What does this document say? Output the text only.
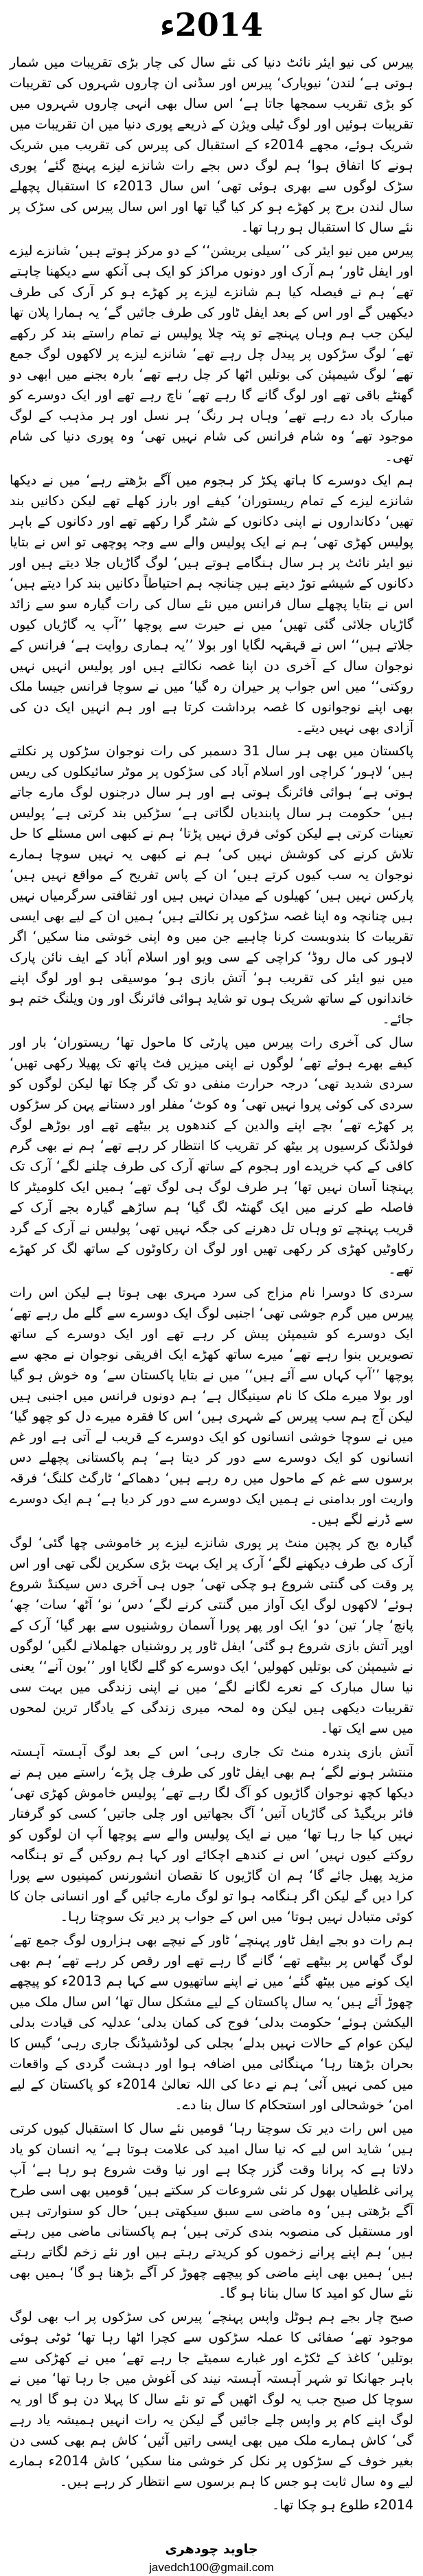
2014ء

پیرس کی نیو ایئر نائٹ دنیا کی نئے سال کی چار بڑی تقریبات میں شمار ہوتی ہے‘ لندن‘ نیویارک‘ پیرس اور سڈنی ان چاروں شہروں کی تقریبات کو بڑی تقریب سمجھا جاتا ہے‘ اس سال بھی انہی چاروں شہروں میں تقریبات ہوئیں اور لوگ ٹیلی ویژن کے ذریعے پوری دنیا میں ان تقریبات میں شریک ہوئے، مجھے 2014ء کے استقبال کی پیرس کی تقریب میں شریک ہونے کا اتفاق ہوا‘ ہم لوگ دس بجے رات شانزے لیزے پہنچ گئے‘ پوری سڑک لوگوں سے بھری ہوئی تھی‘ اس سال 2013ء کا استقبال پچھلے سال لندن برج پر کھڑے ہو کر کیا گیا تھا اور اس سال پیرس کی سڑک پر نئے سال کا استقبال ہو رہا تھا۔

پیرس میں نیو ایئر کی ’’سیلی بریشن‘‘ کے دو مرکز ہوتے ہیں‘ شانزے لیزے اور ایفل ٹاور‘ ہم آرک اور دونوں مراکز کو ایک ہی آنکھ سے دیکھنا چاہتے تھے‘ ہم نے فیصلہ کیا ہم شانزے لیزے پر کھڑے ہو کر آرک کی طرف دیکھیں گے اور اس کے بعد ایفل ٹاور کی طرف جائیں گے‘ یہ ہمارا پلان تھا لیکن جب ہم وہاں پہنچے تو پتہ چلا پولیس نے تمام راستے بند کر رکھے تھے‘ لوگ سڑکوں پر پیدل چل رہے تھے‘ شانزے لیزے پر لاکھوں لوگ جمع تھے‘ لوگ شیمپئن کی بوتلیں اٹھا کر چل رہے تھے‘ بارہ بجنے میں ابھی دو گھنٹے باقی تھے اور لوگ گانے گا رہے تھے‘ ناچ رہے تھے اور ایک دوسرے کو مبارک باد دے رہے تھے‘ وہاں ہر رنگ‘ ہر نسل اور ہر مذہب کے لوگ موجود تھے‘ وہ شام فرانس کی شام نہیں تھی‘ وہ پوری دنیا کی شام تھی۔

ہم ایک دوسرے کا ہاتھ پکڑ کر ہجوم میں آگے بڑھتے رہے‘ میں نے دیکھا شانزے لیزے کے تمام ریستوران‘ کیفے اور بارز کھلے تھے لیکن دکانیں بند تھیں‘ دکانداروں نے اپنی دکانوں کے شٹر گرا رکھے تھے اور دکانوں کے باہر پولیس کھڑی تھی‘ ہم نے ایک پولیس والے سے وجہ پوچھی تو اس نے بتایا نیو ایئر نائٹ پر ہر سال ہنگامے ہوتے ہیں‘ لوگ گاڑیاں جلا دیتے ہیں اور دکانوں کے شیشے توڑ دیتے ہیں چنانچہ ہم احتیاطاً دکانیں بند کرا دیتے ہیں‘ اس نے بتایا پچھلے سال فرانس میں نئے سال کی رات گیارہ سو سے زائد گاڑیاں جلائی گئی تھیں‘ میں نے حیرت سے پوچھا ’’آپ یہ گاڑیاں کیوں جلاتے ہیں‘‘ اس نے قہقہہ لگایا اور بولا ’’یہ ہماری روایت ہے‘ فرانس کے نوجوان سال کے آخری دن اپنا غصہ نکالتے ہیں اور پولیس انہیں نہیں روکتی‘‘ میں اس جواب پر حیران رہ گیا‘ میں نے سوچا فرانس جیسا ملک بھی اپنے نوجوانوں کا غصہ برداشت کرتا ہے اور ہم انہیں ایک دن کی آزادی بھی نہیں دیتے۔

پاکستان میں بھی ہر سال 31 دسمبر کی رات نوجوان سڑکوں پر نکلتے ہیں‘ لاہور‘ کراچی اور اسلام آباد کی سڑکوں پر موٹر سائیکلوں کی ریس ہوتی ہے‘ ہوائی فائرنگ ہوتی ہے اور ہر سال درجنوں لوگ مارے جاتے ہیں‘ حکومت ہر سال پابندیاں لگاتی ہے‘ سڑکیں بند کرتی ہے‘ پولیس تعینات کرتی ہے لیکن کوئی فرق نہیں پڑتا‘ ہم نے کبھی اس مسئلے کا حل تلاش کرنے کی کوشش نہیں کی‘ ہم نے کبھی یہ نہیں سوچا ہمارے نوجوان یہ سب کیوں کرتے ہیں‘ ان کے پاس تفریح کے مواقع نہیں ہیں‘ پارکس نہیں ہیں‘ کھیلوں کے میدان نہیں ہیں اور ثقافتی سرگرمیاں نہیں ہیں چنانچہ وہ اپنا غصہ سڑکوں پر نکالتے ہیں‘ ہمیں ان کے لیے بھی ایسی تقریبات کا بندوبست کرنا چاہیے جن میں وہ اپنی خوشی منا سکیں‘ اگر لاہور کی مال روڈ‘ کراچی کے سی ویو اور اسلام آباد کے ایف نائن پارک میں نیو ایئر کی تقریب ہو‘ آتش بازی ہو‘ موسیقی ہو اور لوگ اپنے خاندانوں کے ساتھ شریک ہوں تو شاید ہوائی فائرنگ اور ون ویلنگ ختم ہو جائے۔

سال کی آخری رات پیرس میں پارٹی کا ماحول تھا‘ ریستوران‘ بار اور کیفے بھرے ہوئے تھے‘ لوگوں نے اپنی میزیں فٹ پاتھ تک پھیلا رکھی تھیں‘ سردی شدید تھی‘ درجہ حرارت منفی دو تک گر چکا تھا لیکن لوگوں کو سردی کی کوئی پروا نہیں تھی‘ وہ کوٹ‘ مفلر اور دستانے پہن کر سڑکوں پر کھڑے تھے‘ بچے اپنے والدین کے کندھوں پر بیٹھے تھے اور بوڑھے لوگ فولڈنگ کرسیوں پر بیٹھ کر تقریب کا انتظار کر رہے تھے‘ ہم نے بھی گرم کافی کے کپ خریدے اور ہجوم کے ساتھ آرک کی طرف چلنے لگے‘ آرک تک پہنچنا آسان نہیں تھا‘ ہر طرف لوگ ہی لوگ تھے‘ ہمیں ایک کلومیٹر کا فاصلہ طے کرنے میں ایک گھنٹہ لگ گیا‘ ہم ساڑھے گیارہ بجے آرک کے قریب پہنچے تو وہاں تل دھرنے کی جگہ نہیں تھی‘ پولیس نے آرک کے گرد رکاوٹیں کھڑی کر رکھی تھیں اور لوگ ان رکاوٹوں کے ساتھ لگ کر کھڑے تھے۔

سردی کا دوسرا نام مزاج کی سرد مہری بھی ہوتا ہے لیکن اس رات پیرس میں گرم جوشی تھی‘ اجنبی لوگ ایک دوسرے سے گلے مل رہے تھے‘ ایک دوسرے کو شیمپئن پیش کر رہے تھے اور ایک دوسرے کے ساتھ تصویریں بنوا رہے تھے‘ میرے ساتھ کھڑے ایک افریقی نوجوان نے مجھ سے پوچھا ’’آپ کہاں سے آئے ہیں‘‘ میں نے بتایا پاکستان سے‘ وہ خوش ہو گیا اور بولا میرے ملک کا نام سینیگال ہے‘ ہم دونوں فرانس میں اجنبی ہیں لیکن آج ہم سب پیرس کے شہری ہیں‘ اس کا فقرہ میرے دل کو چھو گیا‘ میں نے سوچا خوشی انسانوں کو ایک دوسرے کے قریب لے آتی ہے اور غم انسانوں کو ایک دوسرے سے دور کر دیتا ہے‘ ہم پاکستانی پچھلے دس برسوں سے غم کے ماحول میں رہ رہے ہیں‘ دھماکے‘ ٹارگٹ کلنگ‘ فرقہ واریت اور بدامنی نے ہمیں ایک دوسرے سے دور کر دیا ہے‘ ہم ایک دوسرے سے ڈرنے لگے ہیں۔

گیارہ بج کر پچپن منٹ پر پوری شانزے لیزے پر خاموشی چھا گئی‘ لوگ آرک کی طرف دیکھنے لگے‘ آرک پر ایک بہت بڑی سکرین لگی تھی اور اس پر وقت کی گنتی شروع ہو چکی تھی‘ جوں ہی آخری دس سیکنڈ شروع ہوئے‘ لاکھوں لوگ ایک آواز میں گنتی کرنے لگے‘ دس‘ نو‘ آٹھ‘ سات‘ چھ‘ پانچ‘ چار‘ تین‘ دو‘ ایک اور پھر پورا آسمان روشنیوں سے بھر گیا‘ آرک کے اوپر آتش بازی شروع ہو گئی‘ ایفل ٹاور پر روشنیاں جھلملانے لگیں‘ لوگوں نے شیمپئن کی بوتلیں کھولیں‘ ایک دوسرے کو گلے لگایا اور ’’بون آنے‘‘ یعنی نیا سال مبارک کے نعرے لگانے لگے‘ میں نے اپنی زندگی میں بہت سی تقریبات دیکھی ہیں لیکن وہ لمحہ میری زندگی کے یادگار ترین لمحوں میں سے ایک تھا۔

آتش بازی پندرہ منٹ تک جاری رہی‘ اس کے بعد لوگ آہستہ آہستہ منتشر ہونے لگے‘ ہم بھی ایفل ٹاور کی طرف چل پڑے‘ راستے میں ہم نے دیکھا کچھ نوجوان گاڑیوں کو آگ لگا رہے تھے‘ پولیس خاموش کھڑی تھی‘ فائر بریگیڈ کی گاڑیاں آتیں‘ آگ بجھاتیں اور چلی جاتیں‘ کسی کو گرفتار نہیں کیا جا رہا تھا‘ میں نے ایک پولیس والے سے پوچھا آپ ان لوگوں کو روکتے کیوں نہیں‘ اس نے کندھے اچکائے اور کہا ہم روکیں گے تو ہنگامہ مزید پھیل جائے گا‘ ہم ان گاڑیوں کا نقصان انشورنس کمپنیوں سے پورا کرا دیں گے لیکن اگر ہنگامہ ہوا تو لوگ مارے جائیں گے اور انسانی جان کا کوئی متبادل نہیں ہوتا‘ میں اس کے جواب پر دیر تک سوچتا رہا۔

ہم رات دو بجے ایفل ٹاور پہنچے‘ ٹاور کے نیچے بھی ہزاروں لوگ جمع تھے‘ لوگ گھاس پر بیٹھے تھے‘ گانے گا رہے تھے اور رقص کر رہے تھے‘ ہم بھی ایک کونے میں بیٹھ گئے‘ میں نے اپنے ساتھیوں سے کہا ہم 2013ء کو پیچھے چھوڑ آئے ہیں‘ یہ سال پاکستان کے لیے مشکل سال تھا‘ اس سال ملک میں الیکشن ہوئے‘ حکومت بدلی‘ فوج کی کمان بدلی‘ عدلیہ کی قیادت بدلی لیکن عوام کے حالات نہیں بدلے‘ بجلی کی لوڈشیڈنگ جاری رہی‘ گیس کا بحران بڑھتا رہا‘ مہنگائی میں اضافہ ہوا اور دہشت گردی کے واقعات میں کمی نہیں آئی‘ ہم نے دعا کی اللہ تعالیٰ 2014ء کو پاکستان کے لیے امن‘ خوشحالی اور استحکام کا سال بنا دے۔

میں اس رات دیر تک سوچتا رہا‘ قومیں نئے سال کا استقبال کیوں کرتی ہیں‘ شاید اس لیے کہ نیا سال امید کی علامت ہوتا ہے‘ یہ انسان کو یاد دلاتا ہے کہ پرانا وقت گزر چکا ہے اور نیا وقت شروع ہو رہا ہے‘ آپ پرانی غلطیاں بھول کر نئی شروعات کر سکتے ہیں‘ قومیں بھی اسی طرح آگے بڑھتی ہیں‘ وہ ماضی سے سبق سیکھتی ہیں‘ حال کو سنوارتی ہیں اور مستقبل کی منصوبہ بندی کرتی ہیں‘ ہم پاکستانی ماضی میں رہتے ہیں‘ ہم اپنے پرانے زخموں کو کریدتے رہتے ہیں اور نئے زخم لگاتے رہتے ہیں‘ ہمیں بھی اپنے ماضی کو پیچھے چھوڑ کر آگے بڑھنا ہو گا‘ ہمیں بھی نئے سال کو امید کا سال بنانا ہو گا۔

صبح چار بجے ہم ہوٹل واپس پہنچے‘ پیرس کی سڑکوں پر اب بھی لوگ موجود تھے‘ صفائی کا عملہ سڑکوں سے کچرا اٹھا رہا تھا‘ ٹوٹی ہوئی بوتلیں‘ کاغذ کے ٹکڑے اور غبارے سمیٹے جا رہے تھے‘ میں نے کھڑکی سے باہر جھانکا تو شہر آہستہ آہستہ نیند کی آغوش میں جا رہا تھا‘ میں نے سوچا کل صبح جب یہ لوگ اٹھیں گے تو نئے سال کا پہلا دن ہو گا اور یہ لوگ اپنے کام پر واپس چلے جائیں گے لیکن یہ رات انہیں ہمیشہ یاد رہے گی‘ کاش ہمارے ملک میں بھی ایسی راتیں آئیں‘ کاش ہم بھی کسی دن بغیر خوف کے سڑکوں پر نکل کر خوشی منا سکیں‘ کاش 2014ء ہمارے لیے وہ سال ثابت ہو جس کا ہم برسوں سے انتظار کر رہے ہیں۔

2014ء طلوع ہو چکا تھا۔
جاوید چودھری
javedch100@gmail.com
